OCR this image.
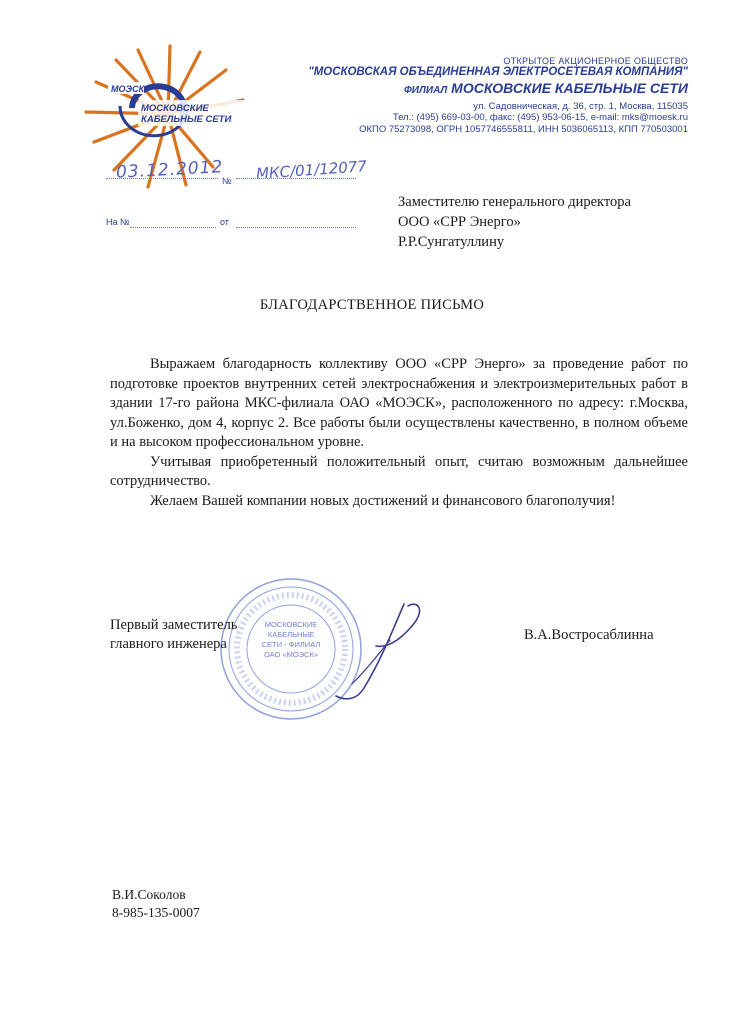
МОЭСК
МОСКОВСКИЕ
КАБЕЛЬНЫЕ СЕТИ
ОТКРЫТОЕ АКЦИОНЕРНОЕ ОБЩЕСТВО
"МОСКОВСКАЯ ОБЪЕДИНЕННАЯ ЭЛЕКТРОСЕТЕВАЯ КОМПАНИЯ"
ФИЛИАЛ МОСКОВСКИЕ КАБЕЛЬНЫЕ СЕТИ
ул. Садовническая, д. 36, стр. 1, Москва, 115035
Тел.: (495) 669-03-00, факс: (495) 953-06-15, e-mail: mks@moesk.ru
ОКПО 75273098, ОГРН 1057746555811, ИНН 5036065113, КПП 770503001
03.12.2012
№ МКС/01/12077
На №	от
Заместителю генерального директора
ООО «СРР Энерго»
Р.Р.Сунгатуллину
БЛАГОДАРСТВЕННОЕ ПИСЬМО

Выражаем благодарность коллективу ООО «СРР Энерго» за проведение работ по подготовке проектов внутренних сетей электроснабжения и электроизмерительных работ в здании 17-го района МКС-филиала ОАО «МОЭСК», расположенного по адресу: г.Москва, ул.Боженко, дом 4, корпус 2. Все работы были осуществлены качественно, в полном объеме и на высоком профессиональном уровне.

Учитывая приобретенный положительный опыт, считаю возможным дальнейшее сотрудничество.

Желаем Вашей компании новых достижений и финансового благополучия!

МОСКОВСКИЕ
КАБЕЛЬНЫЕ
СЕТИ - ФИЛИАЛ
ОАО «МОЭСК»
Первый заместитель
главного инженера
В.А.Востросаблинна
В.И.Соколов
8-985-135-0007
